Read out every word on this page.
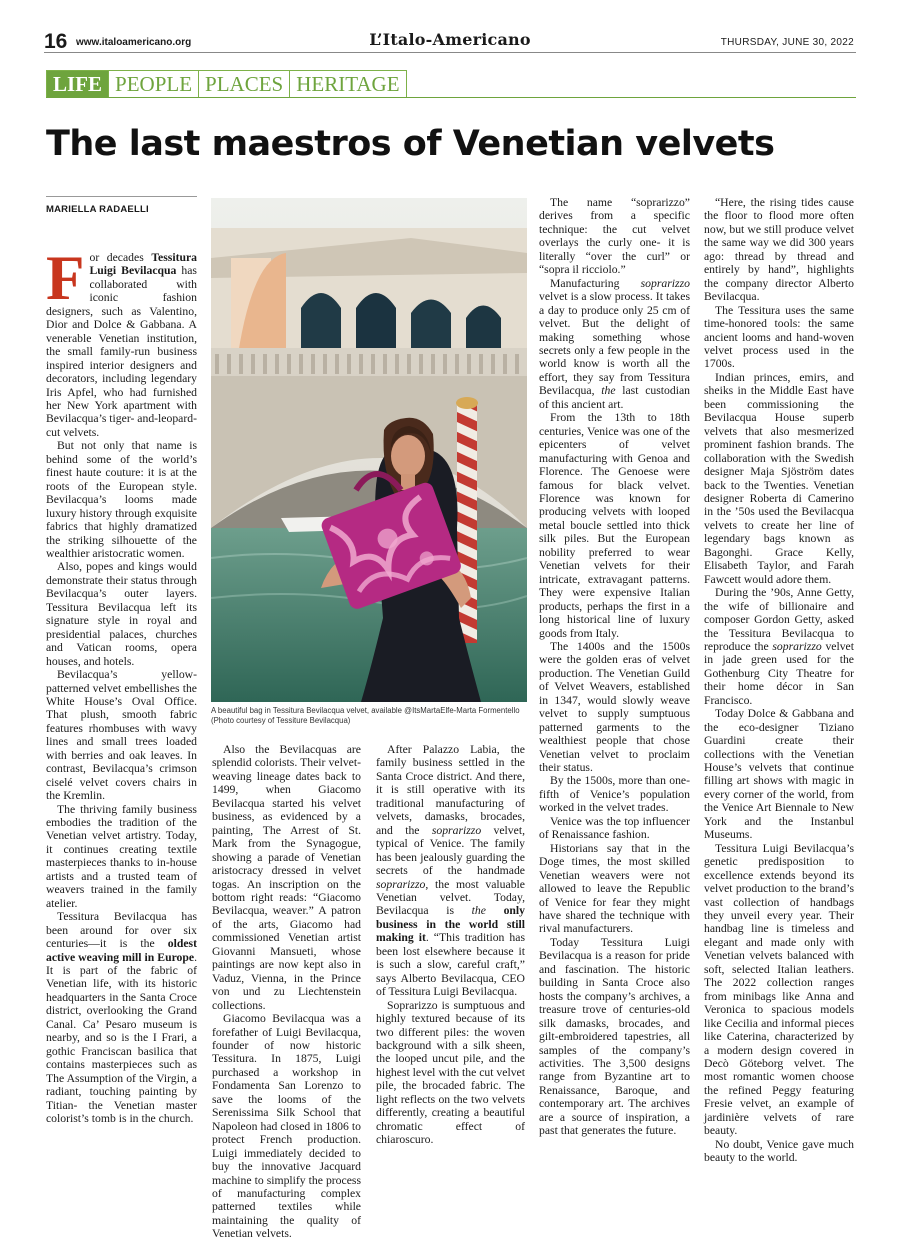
16 www.italoamericano.org	L’Italo-Americano	THURSDAY, JUNE 30, 2022
LIFE PEOPLE PLACES HERITAGE
The last maestros of Venetian velvets
MARIELLA RADAELLI
A beautiful bag in Tessitura Bevilacqua velvet, available @ItsMartaElfe-Marta Formentello (Photo courtesy of Tessiture Bevilacqua)

For decades Tessitura Luigi Bevilacqua has collaborated with iconic fashion designers, such as Valentino, Dior and Dolce & Gabbana. A venerable Venetian institution, the small family-run business inspired interior designers and decorators, including legendary Iris Apfel, who had furnished her New York apartment with Bevilacqua’s tiger- and-leopard-cut velvets.

But not only that name is behind some of the world’s finest haute couture: it is at the roots of the European style. Bevilacqua’s looms made luxury history through exquisite fabrics that highly dramatized the striking silhouette of the wealthier aristocratic women.

Also, popes and kings would demonstrate their status through Bevilacqua’s outer layers. Tessitura Bevilacqua left its signature style in royal and presidential palaces, churches and Vatican rooms, opera houses, and hotels.

Bevilacqua’s yellow-patterned velvet embellishes the White House’s Oval Office. That plush, smooth fabric features rhombuses with wavy lines and small trees loaded with berries and oak leaves. In contrast, Bevilacqua’s crimson ciselé velvet covers chairs in the Kremlin.

The thriving family business embodies the tradition of the Venetian velvet artistry. Today, it continues creating textile masterpieces thanks to in-house artists and a trusted team of weavers trained in the family atelier.

Tessitura Bevilacqua has been around for over six centuries—it is the oldest active weaving mill in Europe. It is part of the fabric of Venetian life, with its historic headquarters in the Santa Croce district, overlooking the Grand Canal. Ca’ Pesaro museum is nearby, and so is the I Frari, a gothic Franciscan basilica that contains masterpieces such as The Assumption of the Virgin, a radiant, touching painting by Titian- the Venetian master colorist’s tomb is in the church.

Also the Bevilacquas are splendid colorists. Their velvet-weaving lineage dates back to 1499, when Giacomo Bevilacqua started his velvet business, as evidenced by a painting, The Arrest of St. Mark from the Synagogue, showing a parade of Venetian aristocracy dressed in velvet togas. An inscription on the bottom right reads: “Giacomo Bevilacqua, weaver.” A patron of the arts, Giacomo had commissioned Venetian artist Giovanni Mansueti, whose paintings are now kept also in Vaduz, Vienna, in the Prince von und zu Liechtenstein collections.

Giacomo Bevilacqua was a forefather of Luigi Bevilacqua, founder of now historic Tessitura. In 1875, Luigi purchased a workshop in Fondamenta San Lorenzo to save the looms of the Serenissima Silk School that Napoleon had closed in 1806 to protect French production. Luigi immediately decided to buy the innovative Jacquard machine to simplify the process of manufacturing complex patterned textiles while maintaining the quality of Venetian velvets.

After Palazzo Labia, the family business settled in the Santa Croce district. And there, it is still operative with its traditional manufacturing of velvets, damasks, brocades, and the soprarizzo velvet, typical of Venice. The family has been jealously guarding the secrets of the handmade soprarizzo, the most valuable Venetian velvet. Today, Bevilacqua is the only business in the world still making it. “This tradition has been lost elsewhere because it is such a slow, careful craft,” says Alberto Bevilacqua, CEO of Tessitura Luigi Bevilacqua.

Soprarizzo is sumptuous and highly textured because of its two different piles: the woven background with a silk sheen, the looped uncut pile, and the highest level with the cut velvet pile, the brocaded fabric. The light reflects on the two velvets differently, creating a beautiful chromatic effect of chiaroscuro.

The name “soprarizzo” derives from a specific technique: the cut velvet overlays the curly one- it is literally “over the curl” or “sopra il ricciolo.”

Manufacturing soprarizzo velvet is a slow process. It takes a day to produce only 25 cm of velvet. But the delight of making something whose secrets only a few people in the world know is worth all the effort, they say from Tessitura Bevilacqua, the last custodian of this ancient art.

From the 13th to 18th centuries, Venice was one of the epicenters of velvet manufacturing with Genoa and Florence. The Genoese were famous for black velvet. Florence was known for producing velvets with looped metal boucle settled into thick silk piles. But the European nobility preferred to wear Venetian velvets for their intricate, extravagant patterns. They were expensive Italian products, perhaps the first in a long historical line of luxury goods from Italy.

The 1400s and the 1500s were the golden eras of velvet production. The Venetian Guild of Velvet Weavers, established in 1347, would slowly weave velvet to supply sumptuous patterned garments to the wealthiest people that chose Venetian velvet to proclaim their status.

By the 1500s, more than one-fifth of Venice’s population worked in the velvet trades.

Venice was the top influencer of Renaissance fashion.

Historians say that in the Doge times, the most skilled Venetian weavers were not allowed to leave the Republic of Venice for fear they might have shared the technique with rival manufacturers.

Today Tessitura Luigi Bevilacqua is a reason for pride and fascination. The historic building in Santa Croce also hosts the company’s archives, a treasure trove of centuries-old silk damasks, brocades, and gilt-embroidered tapestries, all samples of the company’s activities. The 3,500 designs range from Byzantine art to Renaissance, Baroque, and contemporary art. The archives are a source of inspiration, a past that generates the future.

“Here, the rising tides cause the floor to flood more often now, but we still produce velvet the same way we did 300 years ago: thread by thread and entirely by hand”, highlights the company director Alberto Bevilacqua.

The Tessitura uses the same time-honored tools: the same ancient looms and hand-woven velvet process used in the 1700s.

Indian princes, emirs, and sheiks in the Middle East have been commissioning the Bevilacqua House superb velvets that also mesmerized prominent fashion brands. The collaboration with the Swedish designer Maja Sjöström dates back to the Twenties. Venetian designer Roberta di Camerino in the ’50s used the Bevilacqua velvets to create her line of legendary bags known as Bagonghi. Grace Kelly, Elisabeth Taylor, and Farah Fawcett would adore them.

During the ’90s, Anne Getty, the wife of billionaire and composer Gordon Getty, asked the Tessitura Bevilacqua to reproduce the soprarizzo velvet in jade green used for the Gothenburg City Theatre for their home décor in San Francisco.

Today Dolce & Gabbana and the eco-designer Tiziano Guardini create their collections with the Venetian House’s velvets that continue filling art shows with magic in every corner of the world, from the Venice Art Biennale to New York and the Instanbul Museums.

Tessitura Luigi Bevilacqua’s genetic predisposition to excellence extends beyond its velvet production to the brand’s vast collection of handbags they unveil every year. Their handbag line is timeless and elegant and made only with Venetian velvets balanced with soft, selected Italian leathers. The 2022 collection ranges from minibags like Anna and Veronica to spacious models like Cecilia and informal pieces like Caterina, characterized by a modern design covered in Decò Göteborg velvet. The most romantic women choose the refined Peggy featuring Fresie velvet, an example of jardinière velvets of rare beauty.

No doubt, Venice gave much beauty to the world.
